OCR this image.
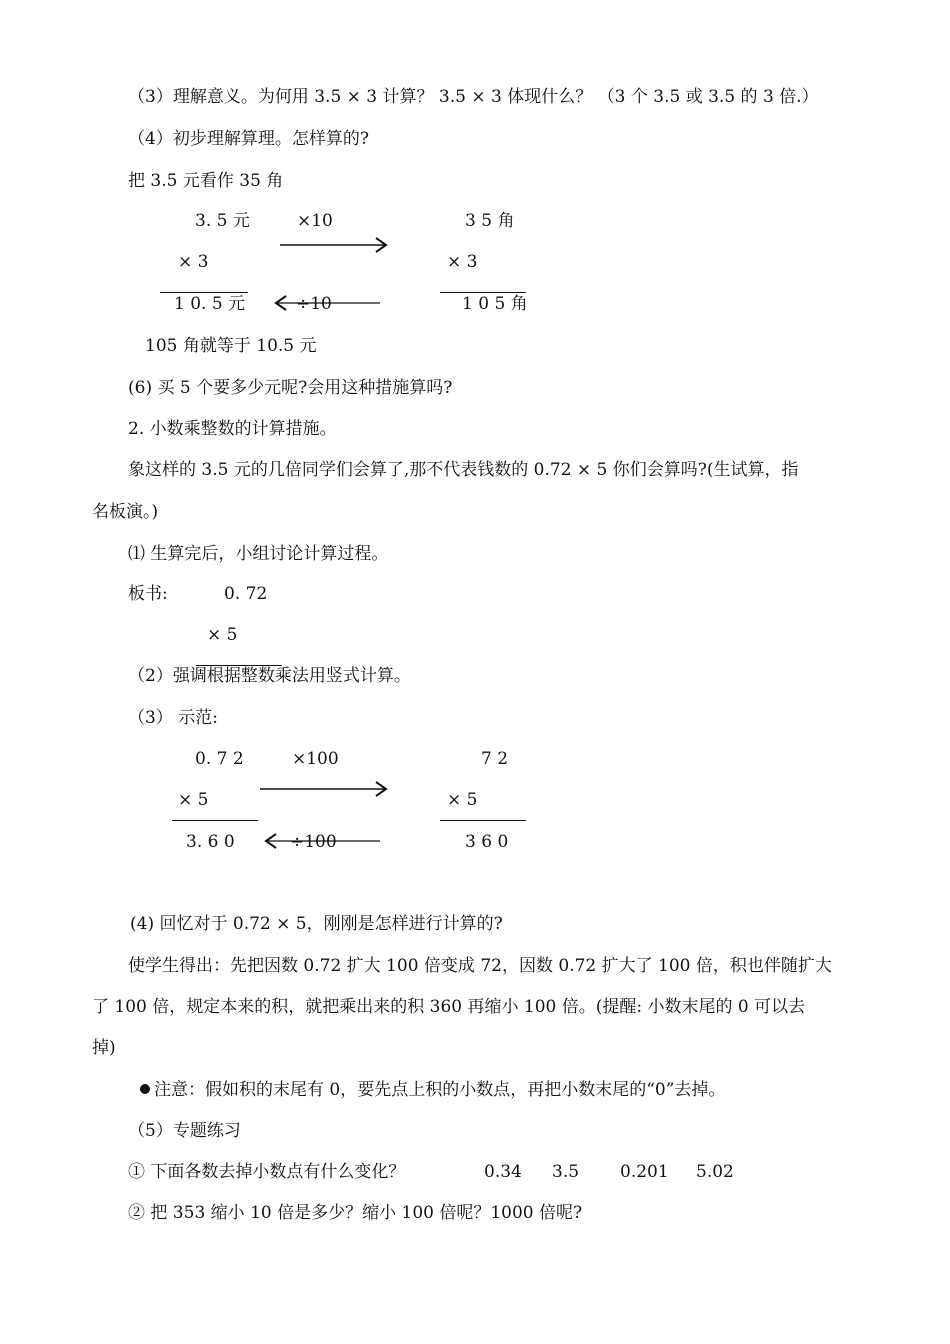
（3）理解意义。为何用 3.5 × 3 计算？ 3.5 × 3 体现什么？ （3 个 3.5 或 3.5 的 3 倍.）
（4）初步理解算理。怎样算的?
把 3.5 元看作 35 角
3. 5 元	×10	3 5 角
× 3	× 3
1 0. 5 元	÷10	1 0 5 角
105 角就等于 10.5 元
(6) 买 5 个要多少元呢?会用这种措施算吗?
2. 小数乘整数的计算措施。
象这样的 3.5 元的几倍同学们会算了,那不代表钱数的 0.72 × 5 你们会算吗?(生试算，指
名板演。)
⑴ 生算完后，小组讨论计算过程。
板书:	0. 72
× 5
（2）强调根据整数乘法用竖式计算。
（3） 示范:
0. 7 2	×100	7 2
× 5	× 5
3. 6 0	÷100	3 6 0
(4) 回忆对于 0.72 × 5，刚刚是怎样进行计算的?
使学生得出：先把因数 0.72 扩大 100 倍变成 72，因数 0.72 扩大了 100 倍，积也伴随扩大
了 100 倍，规定本来的积，就把乘出来的积 360 再缩小 100 倍。(提醒: 小数末尾的 0 可以去
掉)
注意：假如积的末尾有 0，要先点上积的小数点，再把小数末尾的“0”去掉。
（5）专题练习
① 下面各数去掉小数点有什么变化？	0.34 3.5 0.201 5.02
② 把 353 缩小 10 倍是多少？缩小 100 倍呢？1000 倍呢?
